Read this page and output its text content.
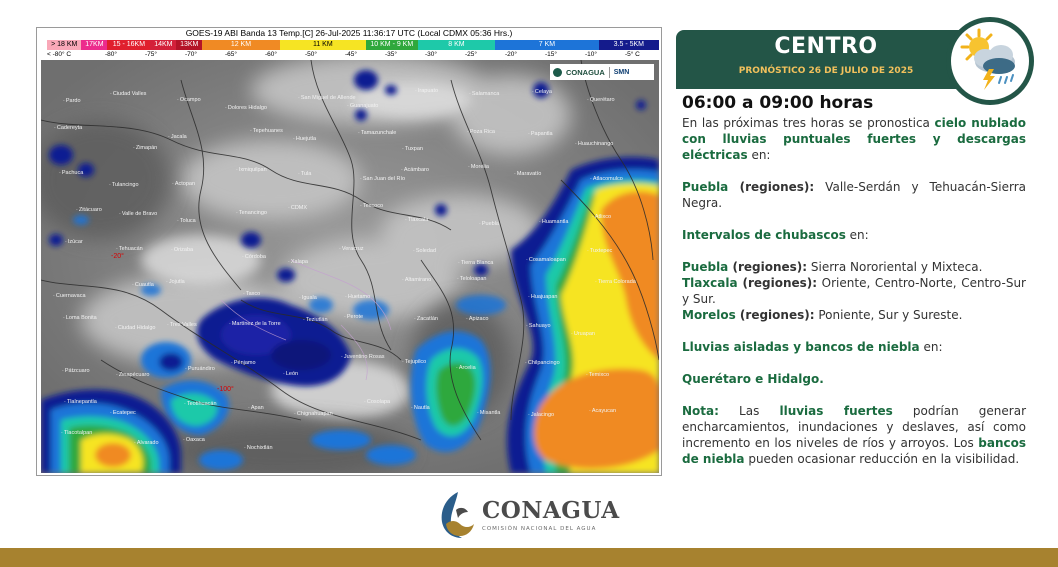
GOES-19 ABI Banda 13 Temp.[C] 26-Jul-2025 11:36:17 UTC (Local CDMX 05:36 Hrs.)
> 18 KM	17KM	15 - 16KM	14KM	13KM	12 KM	11 KM	10 KM - 9 KM	8 KM	7 KM	3.5 - 5KM
< -80° C	-80°	-75°	-70°	-65°	-60°	-50°	-45°	-35°	-30°	-25°	-20°	-15°	-10°	-5° C
CONAGUA SMN
-20°
-100°
· Pardo
· Ciudad Valles
· Ocampo
· Dolores Hidalgo
· San Miguel de Allende
· Guanajuato
· Irapuato	· Salamanca	· Celaya
· Querétaro
· Cadereyta
· Zimapán
· Jacala
· Tepehuanes
· Huejutla
· Tamazunchale
· Tuxpan
· Poza Rica	· Papantla
· Huauchinango
· Pachuca
· Tulancingo	· Actopan
· Ixmiquilpan
· Tula
· San Juan del Río
· Acámbaro	· Morelia
· Maravatío
· Atlacomulco
· Zitácuaro
· Valle de Bravo
· Toluca
· Tenancingo
· CDMX	· Texcoco
· Tlaxcala
· Puebla	· Huamantla
· Atlixco
· Izúcar
· Tehuacán	· Orizaba
· Córdoba
· Xalapa
· Veracruz	· Soledad
· Tierra Blanca	· Cosamaloapan
· Tuxtepec
· Cuernavaca
· Cuautla	· Jojutla
· Taxco
· Iguala	· Huetamo
· Altamirano	· Teloloapan
· Huajuapan
· Tierra Colorada
· Loma Bonita
· Ciudad Hidalgo	· Tres Valles	· Martínez de la Torre
· Teziutlán	· Perote	· Zacatlán	· Apizaco
· Sahuayo
· Uruapan
· Pátzcuaro
· Zinapécuaro
· Puruándiro
· Pénjamo
· León
· Juventino Rosas
· Tejupilco
· Arcelia
· Chilpancingo
· Temixco
· Tlalnepantla
· Ecatepec
· Teotihuacán
· Apan
· Chignahuapan
· Cosolapa
· Nautla
· Misantla	· Jalacingo
· Acayucan
· Tlacotalpan
· Alvarado	· Oaxaca
· Nochixtlán
CENTRO
PRONÓSTICO 26 DE JULIO DE 2025
06:00 a 09:00 horas

En las próximas tres horas se pronostica cielo nublado con lluvias puntuales fuertes y descargas eléctricas en:

Puebla (regiones): Valle-Serdán y Tehuacán-Sierra Negra.

Intervalos de chubascos en:

Puebla (regiones): Sierra Nororiental y Mixteca.

Tlaxcala (regiones): Oriente, Centro-Norte, Centro-Sur y Sur.

Morelos (regiones): Poniente, Sur y Sureste.

Lluvias aisladas y bancos de niebla en:

Querétaro e Hidalgo.

Nota: Las lluvias fuertes podrían generar encharcamientos, inundaciones y deslaves, así como incremento en los niveles de ríos y arroyos. Los bancos de niebla pueden ocasionar reducción en la visibilidad.

CONAGUA
COMISIÓN NACIONAL DEL AGUA
